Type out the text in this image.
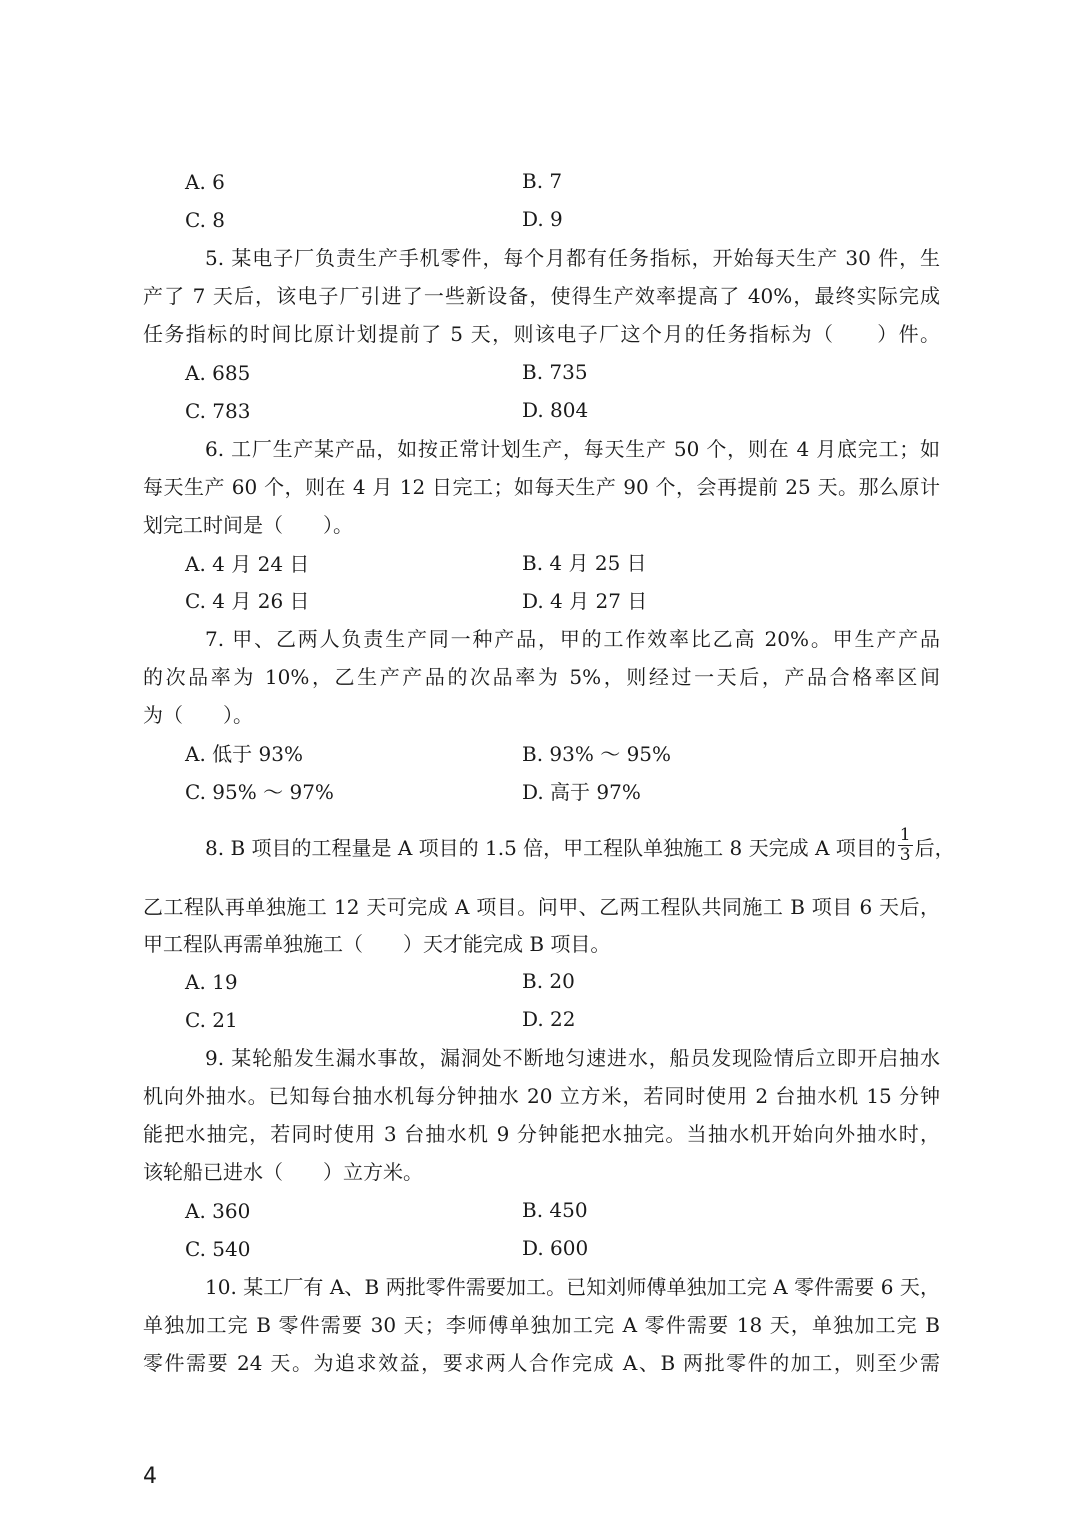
A. 6	B. 7
C. 8	D. 9
5. 某电子厂负责生产手机零件，每个月都有任务指标，开始每天生产 30 件，生
产了 7 天后，该电子厂引进了一些新设备，使得生产效率提高了 40%，最终实际完成
任务指标的时间比原计划提前了 5 天，则该电子厂这个月的任务指标为（　　）件。
A. 685	B. 735
C. 783	D. 804
6. 工厂生产某产品，如按正常计划生产，每天生产 50 个，则在 4 月底完工；如
每天生产 60 个，则在 4 月 12 日完工；如每天生产 90 个，会再提前 25 天。那么原计
划完工时间是（　　）。
A. 4 月 24 日	B. 4 月 25 日
C. 4 月 26 日	D. 4 月 27 日
7. 甲、乙两人负责生产同一种产品，甲的工作效率比乙高 20%。甲生产产品
的次品率为 10%，乙生产产品的次品率为 5%，则经过一天后，产品合格率区间
为（　　）。
A. 低于 93%	B. 93% ～ 95%
C. 95% ～ 97%	D. 高于 97%
8. B 项目的工程量是 A 项目的 1.5 倍，甲工程队单独施工 8 天完成 A 项目的 $\frac{1}{3}$ 后，
乙工程队再单独施工 12 天可完成 A 项目。问甲、乙两工程队共同施工 B 项目 6 天后，
甲工程队再需单独施工（　　）天才能完成 B 项目。
A. 19	B. 20
C. 21	D. 22
9. 某轮船发生漏水事故，漏洞处不断地匀速进水，船员发现险情后立即开启抽水
机向外抽水。已知每台抽水机每分钟抽水 20 立方米，若同时使用 2 台抽水机 15 分钟
能把水抽完，若同时使用 3 台抽水机 9 分钟能把水抽完。当抽水机开始向外抽水时，
该轮船已进水（　　）立方米。
A. 360	B. 450
C. 540	D. 600
10. 某工厂有 A、B 两批零件需要加工。已知刘师傅单独加工完 A 零件需要 6 天，
单独加工完 B 零件需要 30 天；李师傅单独加工完 A 零件需要 18 天，单独加工完 B
零件需要 24 天。为追求效益，要求两人合作完成 A、B 两批零件的加工，则至少需
4
